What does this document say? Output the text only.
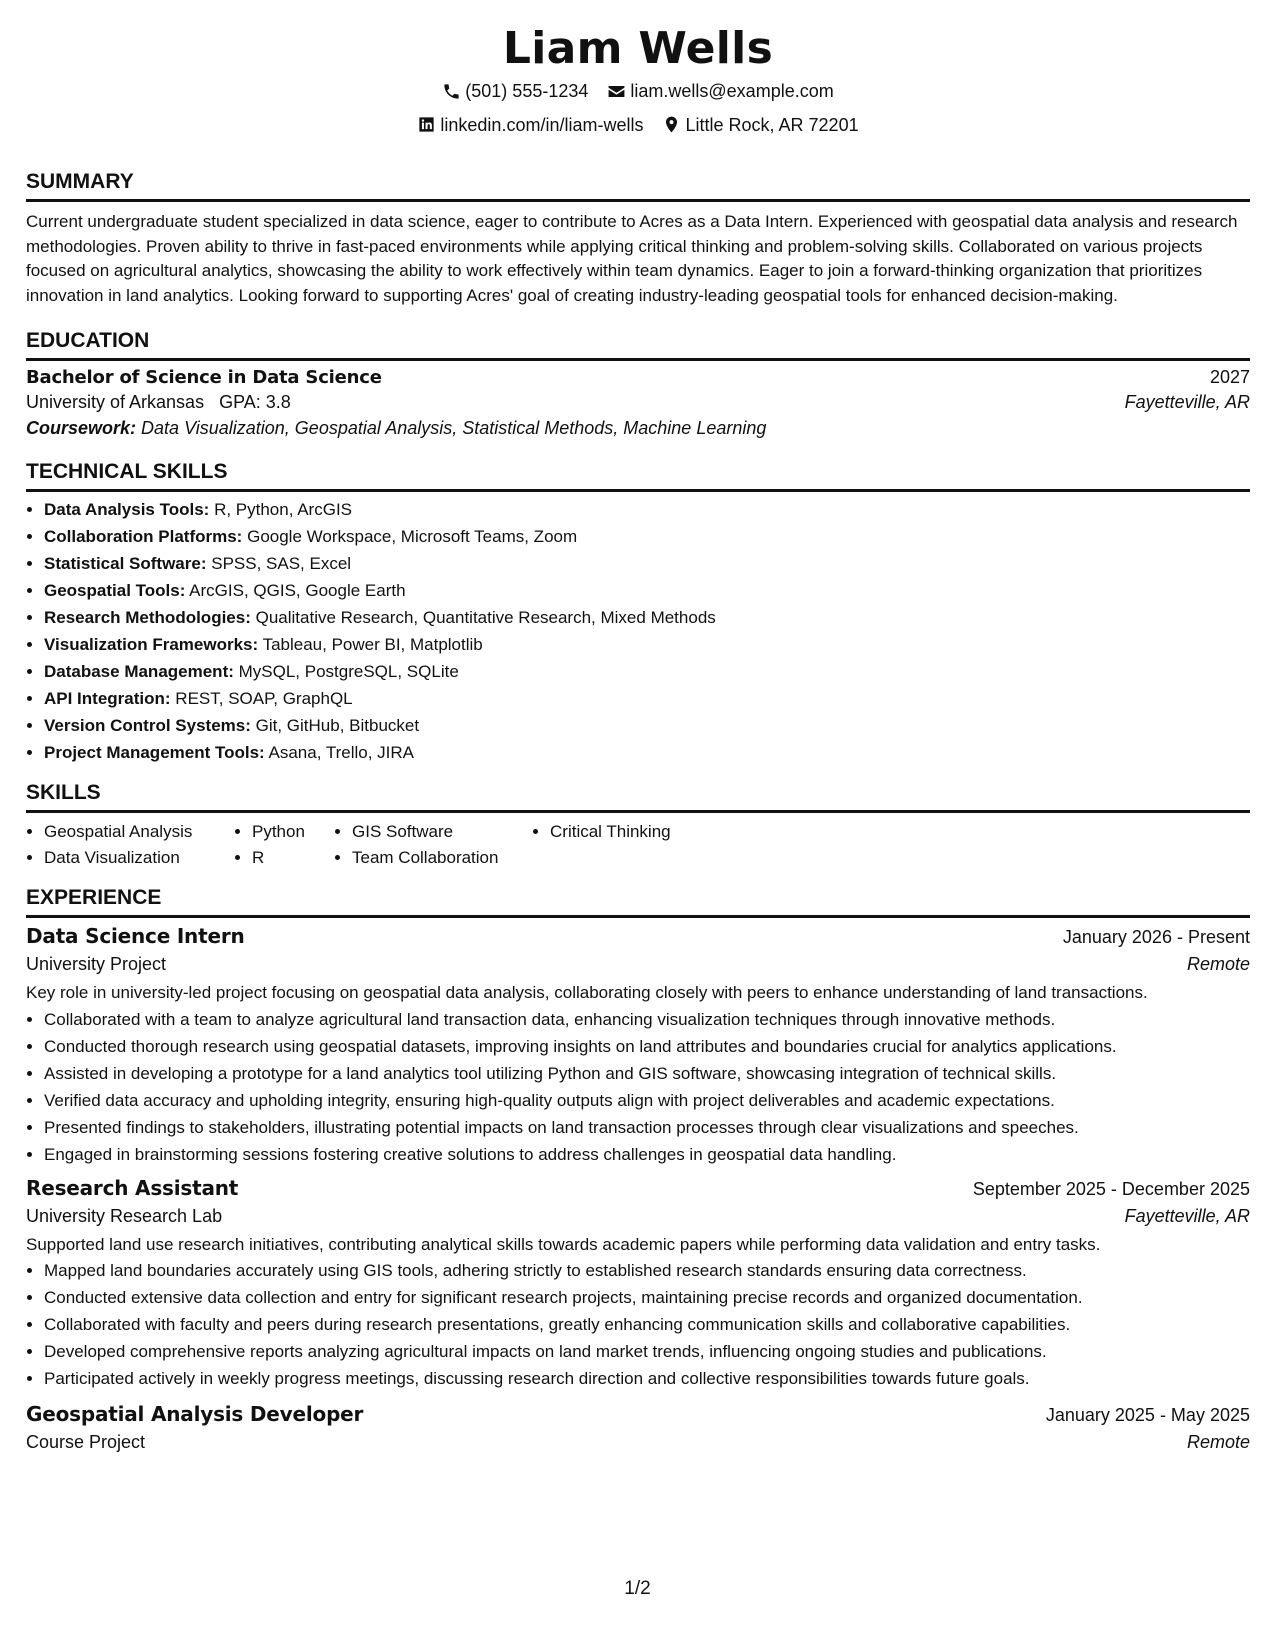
Liam Wells
(501) 555-1234
liam.wells@example.com
linkedin.com/in/liam-wells
Little Rock, AR 72201
SUMMARY
Current undergraduate student specialized in data science, eager to contribute to Acres as a Data Intern. Experienced with geospatial data analysis and research methodologies. Proven ability to thrive in fast-paced environments while applying critical thinking and problem-solving skills. Collaborated on various projects focused on agricultural analytics, showcasing the ability to work effectively within team dynamics. Eager to join a forward-thinking organization that prioritizes innovation in land analytics. Looking forward to supporting Acres' goal of creating industry-leading geospatial tools for enhanced decision-making.
EDUCATION
Bachelor of Science in Data Science	2027
University of Arkansas GPA: 3.8	Fayetteville, AR
Coursework: Data Visualization, Geospatial Analysis, Statistical Methods, Machine Learning
TECHNICAL SKILLS
• Data Analysis Tools: R, Python, ArcGIS
• Collaboration Platforms: Google Workspace, Microsoft Teams, Zoom
• Statistical Software: SPSS, SAS, Excel
• Geospatial Tools: ArcGIS, QGIS, Google Earth
• Research Methodologies: Qualitative Research, Quantitative Research, Mixed Methods
• Visualization Frameworks: Tableau, Power BI, Matplotlib
• Database Management: MySQL, PostgreSQL, SQLite
• API Integration: REST, SOAP, GraphQL
• Version Control Systems: Git, GitHub, Bitbucket
• Project Management Tools: Asana, Trello, JIRA
SKILLS
• Geospatial Analysis
• Data Visualization
• Python
• R
• GIS Software
• Team Collaboration
• Critical Thinking
EXPERIENCE
Data Science Intern	January 2026 - Present
University Project	Remote
Key role in university-led project focusing on geospatial data analysis, collaborating closely with peers to enhance understanding of land transactions.
• Collaborated with a team to analyze agricultural land transaction data, enhancing visualization techniques through innovative methods.
• Conducted thorough research using geospatial datasets, improving insights on land attributes and boundaries crucial for analytics applications.
• Assisted in developing a prototype for a land analytics tool utilizing Python and GIS software, showcasing integration of technical skills.
• Verified data accuracy and upholding integrity, ensuring high-quality outputs align with project deliverables and academic expectations.
• Presented findings to stakeholders, illustrating potential impacts on land transaction processes through clear visualizations and speeches.
• Engaged in brainstorming sessions fostering creative solutions to address challenges in geospatial data handling.
Research Assistant	September 2025 - December 2025
University Research Lab	Fayetteville, AR
Supported land use research initiatives, contributing analytical skills towards academic papers while performing data validation and entry tasks.
• Mapped land boundaries accurately using GIS tools, adhering strictly to established research standards ensuring data correctness.
• Conducted extensive data collection and entry for significant research projects, maintaining precise records and organized documentation.
• Collaborated with faculty and peers during research presentations, greatly enhancing communication skills and collaborative capabilities.
• Developed comprehensive reports analyzing agricultural impacts on land market trends, influencing ongoing studies and publications.
• Participated actively in weekly progress meetings, discussing research direction and collective responsibilities towards future goals.
Geospatial Analysis Developer	January 2025 - May 2025
Course Project	Remote
1/2
